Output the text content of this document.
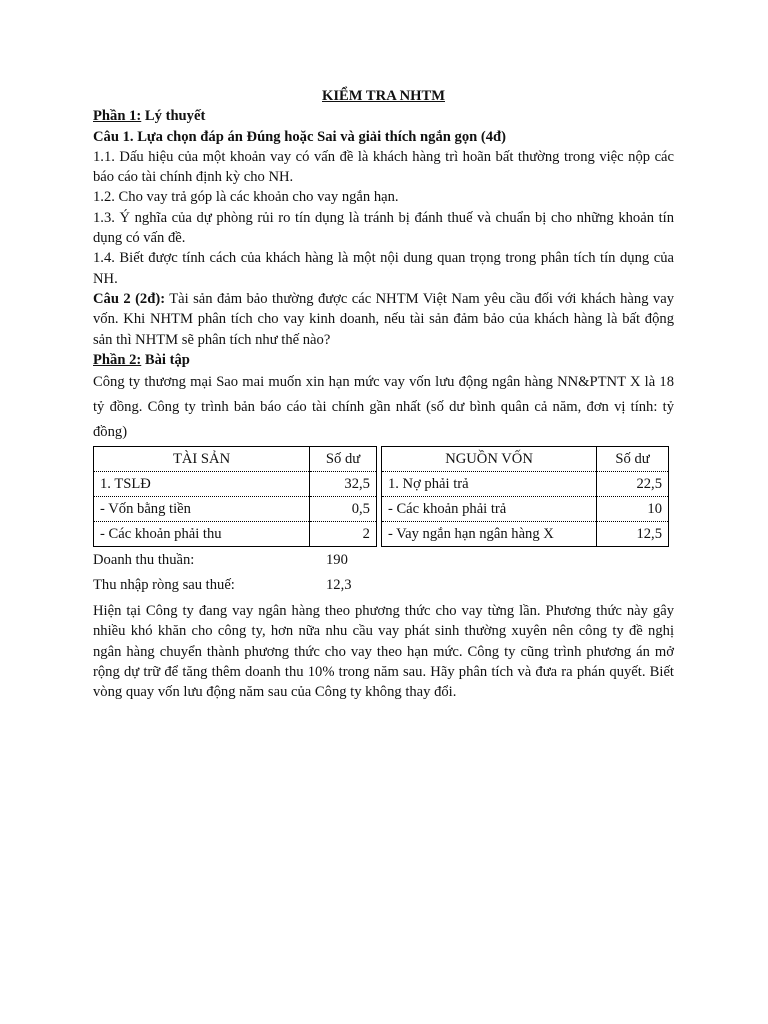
KIỂM TRA NHTM

Phần 1: Lý thuyết

Câu 1. Lựa chọn đáp án Đúng hoặc Sai và giải thích ngắn gọn (4đ)

1.1. Dấu hiệu của một khoản vay có vấn đề là khách hàng trì hoãn bất thường trong việc nộp các báo cáo tài chính định kỳ cho NH.

1.2. Cho vay trả góp là các khoản cho vay ngắn hạn.

1.3. Ý nghĩa của dự phòng rủi ro tín dụng là tránh bị đánh thuế và chuẩn bị cho những khoản tín dụng có vấn đề.

1.4. Biết được tính cách của khách hàng là một nội dung quan trọng trong phân tích tín dụng của NH.

Câu 2 (2đ): Tài sản đảm bảo thường được các NHTM Việt Nam yêu cầu đối với khách hàng vay vốn. Khi NHTM phân tích cho vay kinh doanh, nếu tài sản đảm bảo của khách hàng là bất động sản thì NHTM sẽ phân tích như thế nào?

Phần 2: Bài tập

Công ty thương mại Sao mai muốn xin hạn mức vay vốn lưu động ngân hàng NN&PTNT X là 18 tỷ đồng. Công ty trình bản báo cáo tài chính gần nhất (số dư bình quân cả năm, đơn vị tính: tỷ đồng)

TÀI SẢN	Số dư		NGUỒN VỐN	Số dư
1. TSLĐ	32,5		1. Nợ phải trả	22,5
- Vốn bằng tiền	0,5		- Các khoản phải trả	10
- Các khoản phải thu	2		- Vay ngắn hạn ngân hàng X	12,5
Doanh thu thuần:	190
Thu nhập ròng sau thuế:	12,3

Hiện tại Công ty đang vay ngân hàng theo phương thức cho vay từng lần. Phương thức này gây nhiều khó khăn cho công ty, hơn nữa nhu cầu vay phát sinh thường xuyên nên công ty đề nghị ngân hàng chuyển thành phương thức cho vay theo hạn mức. Công ty cũng trình phương án mở rộng dự trữ để tăng thêm doanh thu 10% trong năm sau. Hãy phân tích và đưa ra phán quyết. Biết vòng quay vốn lưu động năm sau của Công ty không thay đổi.
